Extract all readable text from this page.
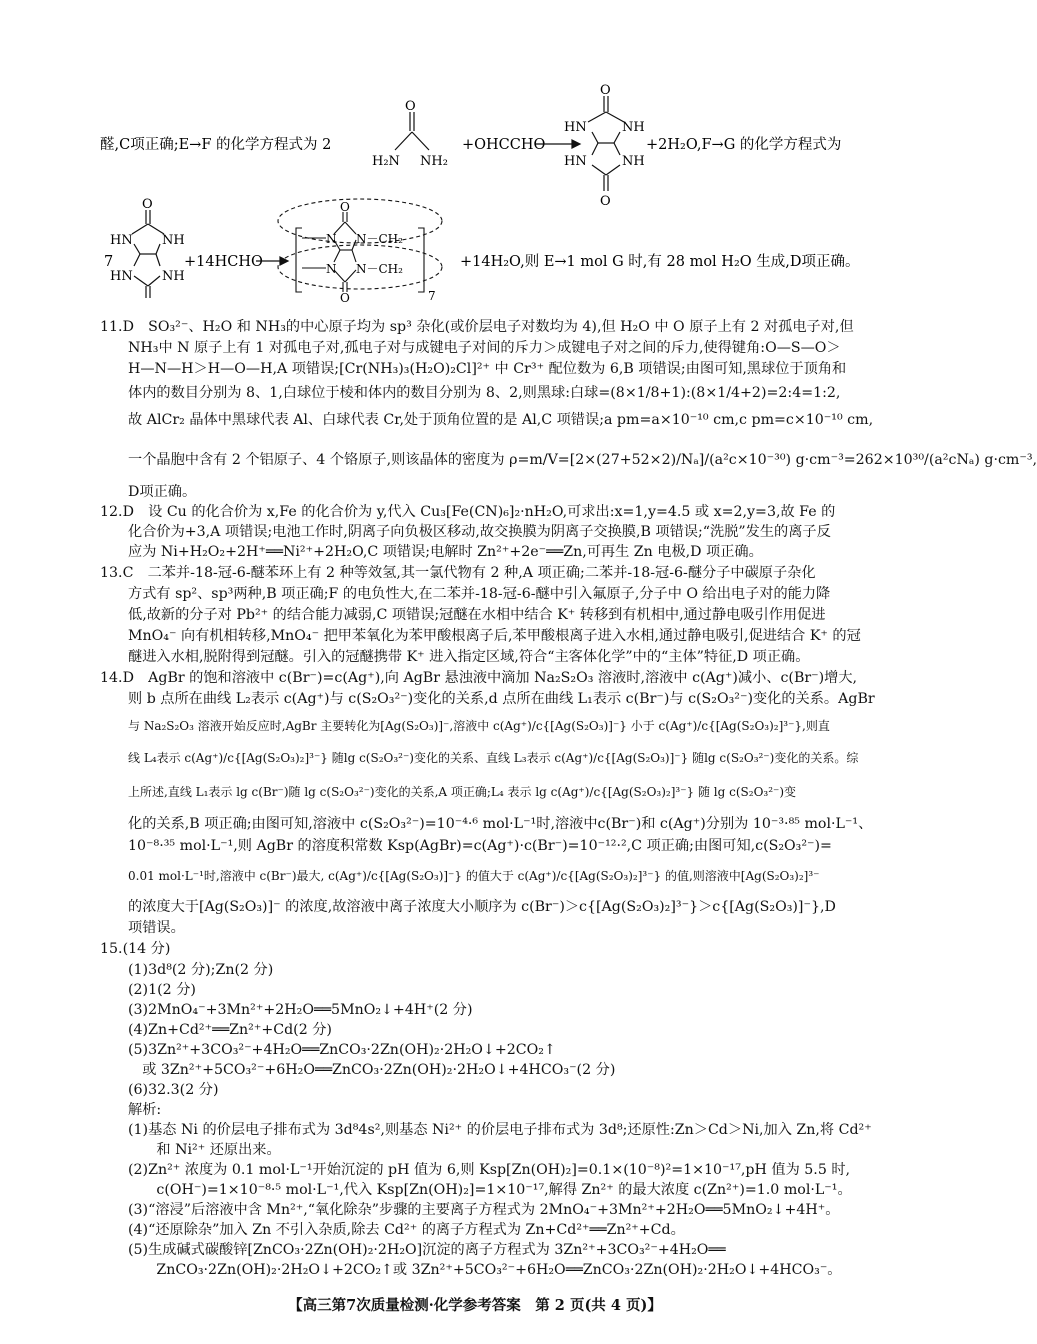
醛,C项正确;E→F 的化学方程式为 2
O
H₂N NH₂
+OHCCHO
O
HN	NH
HN	NH
O
+2H₂O,F→G 的化学方程式为
7
O
HN NH
HN NH
+14HCHO
O
N N－CH₂
N N－CH₂
O	7
+14H₂O,则 E→1 mol G 时,有 28 mol H₂O 生成,D项正确。
11.D　SO₃²⁻、H₂O 和 NH₃的中心原子均为 sp³ 杂化(或价层电子对数均为 4),但 H₂O 中 O 原子上有 2 对孤电子对,但
NH₃中 N 原子上有 1 对孤电子对,孤电子对与成键电子对间的斥力＞成键电子对之间的斥力,使得键角:O—S—O＞
H—N—H＞H—O—H,A 项错误;[Cr(NH₃)₃(H₂O)₂Cl]²⁺ 中 Cr³⁺ 配位数为 6,B 项错误;由图可知,黑球位于顶角和
体内的数目分别为 8、1,白球位于棱和体内的数目分别为 8、2,则黑球:白球=(8×1/8+1):(8×1/4+2)=2:4=1:2,
故 AlCr₂ 晶体中黑球代表 Al、白球代表 Cr,处于顶角位置的是 Al,C 项错误;a pm=a×10⁻¹⁰ cm,c pm=c×10⁻¹⁰ cm,
一个晶胞中含有 2 个铝原子、4 个铬原子,则该晶体的密度为 ρ=m/V=[2×(27+52×2)/Nₐ]/(a²c×10⁻³⁰) g·cm⁻³=262×10³⁰/(a²cNₐ) g·cm⁻³,
D项正确。
12.D　设 Cu 的化合价为 x,Fe 的化合价为 y,代入 Cu₃[Fe(CN)₆]₂·nH₂O,可求出:x=1,y=4.5 或 x=2,y=3,故 Fe 的
化合价为+3,A 项错误;电池工作时,阴离子向负极区移动,故交换膜为阴离子交换膜,B 项错误;“洗脱”发生的离子反
应为 Ni+H₂O₂+2H⁺══Ni²⁺+2H₂O,C 项错误;电解时 Zn²⁺+2e⁻══Zn,可再生 Zn 电极,D 项正确。
13.C　二苯并-18-冠-6-醚苯环上有 2 种等效氢,其一氯代物有 2 种,A 项正确;二苯并-18-冠-6-醚分子中碳原子杂化
方式有 sp²、sp³两种,B 项正确;F 的电负性大,在二苯并-18-冠-6-醚中引入氟原子,分子中 O 给出电子对的能力降
低,故新的分子对 Pb²⁺ 的结合能力减弱,C 项错误;冠醚在水相中结合 K⁺ 转移到有机相中,通过静电吸引作用促进
MnO₄⁻ 向有机相转移,MnO₄⁻ 把甲苯氧化为苯甲酸根离子后,苯甲酸根离子进入水相,通过静电吸引,促进结合 K⁺ 的冠
醚进入水相,脱附得到冠醚。引入的冠醚携带 K⁺ 进入指定区域,符合“主客体化学”中的“主体”特征,D 项正确。
14.D　AgBr 的饱和溶液中 c(Br⁻)=c(Ag⁺),向 AgBr 悬浊液中滴加 Na₂S₂O₃ 溶液时,溶液中 c(Ag⁺)减小、c(Br⁻)增大,
则 b 点所在曲线 L₂表示 c(Ag⁺)与 c(S₂O₃²⁻)变化的关系,d 点所在曲线 L₁表示 c(Br⁻)与 c(S₂O₃²⁻)变化的关系。AgBr
与 Na₂S₂O₃ 溶液开始反应时,AgBr 主要转化为[Ag(S₂O₃)]⁻,溶液中 c(Ag⁺)/c{[Ag(S₂O₃)]⁻} 小于 c(Ag⁺)/c{[Ag(S₂O₃)₂]³⁻},则直
线 L₄表示 c(Ag⁺)/c{[Ag(S₂O₃)₂]³⁻} 随lg c(S₂O₃²⁻)变化的关系、直线 L₃表示 c(Ag⁺)/c{[Ag(S₂O₃)]⁻} 随lg c(S₂O₃²⁻)变化的关系。综
上所述,直线 L₁表示 lg c(Br⁻)随 lg c(S₂O₃²⁻)变化的关系,A 项正确;L₄ 表示 lg c(Ag⁺)/c{[Ag(S₂O₃)₂]³⁻} 随 lg c(S₂O₃²⁻)变
化的关系,B 项正确;由图可知,溶液中 c(S₂O₃²⁻)=10⁻⁴·⁶ mol·L⁻¹时,溶液中c(Br⁻)和 c(Ag⁺)分别为 10⁻³·⁸⁵ mol·L⁻¹、
10⁻⁸·³⁵ mol·L⁻¹,则 AgBr 的溶度积常数 Ksp(AgBr)=c(Ag⁺)·c(Br⁻)=10⁻¹²·²,C 项正确;由图可知,c(S₂O₃²⁻)=
0.01 mol·L⁻¹时,溶液中 c(Br⁻)最大, c(Ag⁺)/c{[Ag(S₂O₃)]⁻} 的值大于 c(Ag⁺)/c{[Ag(S₂O₃)₂]³⁻} 的值,则溶液中[Ag(S₂O₃)₂]³⁻
的浓度大于[Ag(S₂O₃)]⁻ 的浓度,故溶液中离子浓度大小顺序为 c(Br⁻)＞c{[Ag(S₂O₃)₂]³⁻}＞c{[Ag(S₂O₃)]⁻},D
项错误。
15.(14 分)
(1)3d⁸(2 分);Zn(2 分)
(2)1(2 分)
(3)2MnO₄⁻+3Mn²⁺+2H₂O══5MnO₂↓+4H⁺(2 分)
(4)Zn+Cd²⁺══Zn²⁺+Cd(2 分)
(5)3Zn²⁺+3CO₃²⁻+4H₂O══ZnCO₃·2Zn(OH)₂·2H₂O↓+2CO₂↑
　或 3Zn²⁺+5CO₃²⁻+6H₂O══ZnCO₃·2Zn(OH)₂·2H₂O↓+4HCO₃⁻(2 分)
(6)32.3(2 分)
解析:
(1)基态 Ni 的价层电子排布式为 3d⁸4s²,则基态 Ni²⁺ 的价层电子排布式为 3d⁸;还原性:Zn＞Cd＞Ni,加入 Zn,将 Cd²⁺
　　和 Ni²⁺ 还原出来。
(2)Zn²⁺ 浓度为 0.1 mol·L⁻¹开始沉淀的 pH 值为 6,则 Ksp[Zn(OH)₂]=0.1×(10⁻⁸)²=1×10⁻¹⁷,pH 值为 5.5 时,
　　c(OH⁻)=1×10⁻⁸·⁵ mol·L⁻¹,代入 Ksp[Zn(OH)₂]=1×10⁻¹⁷,解得 Zn²⁺ 的最大浓度 c(Zn²⁺)=1.0 mol·L⁻¹。
(3)“溶浸”后溶液中含 Mn²⁺,“氧化除杂”步骤的主要离子方程式为 2MnO₄⁻+3Mn²⁺+2H₂O══5MnO₂↓+4H⁺。
(4)“还原除杂”加入 Zn 不引入杂质,除去 Cd²⁺ 的离子方程式为 Zn+Cd²⁺══Zn²⁺+Cd。
(5)生成碱式碳酸锌[ZnCO₃·2Zn(OH)₂·2H₂O]沉淀的离子方程式为 3Zn²⁺+3CO₃²⁻+4H₂O══
　　ZnCO₃·2Zn(OH)₂·2H₂O↓+2CO₂↑或 3Zn²⁺+5CO₃²⁻+6H₂O══ZnCO₃·2Zn(OH)₂·2H₂O↓+4HCO₃⁻。
【高三第7次质量检测·化学参考答案　第 2 页(共 4 页)】
